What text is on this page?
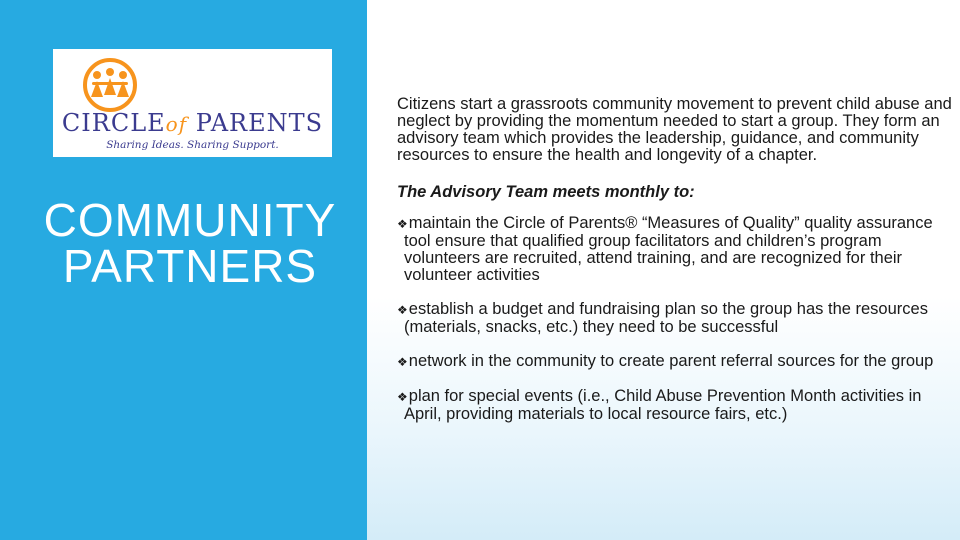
CIRCLEof PARENTS
Sharing Ideas. Sharing Support.
COMMUNITY PARTNERS

Citizens start a grassroots community movement to prevent child abuse and neglect by providing the momentum needed to start a group. They form an advisory team which provides the leadership, guidance, and community resources to ensure the health and longevity of a chapter.

The Advisory Team meets monthly to:

❖maintain the Circle of Parents® “Measures of Quality” quality assurance tool ensure that qualified group facilitators and children’s program volunteers are recruited, attend training, and are recognized for their volunteer activities
❖establish a budget and fundraising plan so the group has the resources (materials, snacks, etc.) they need to be successful
❖network in the community to create parent referral sources for the group
❖plan for special events (i.e., Child Abuse Prevention Month activities in April, providing materials to local resource fairs, etc.)
